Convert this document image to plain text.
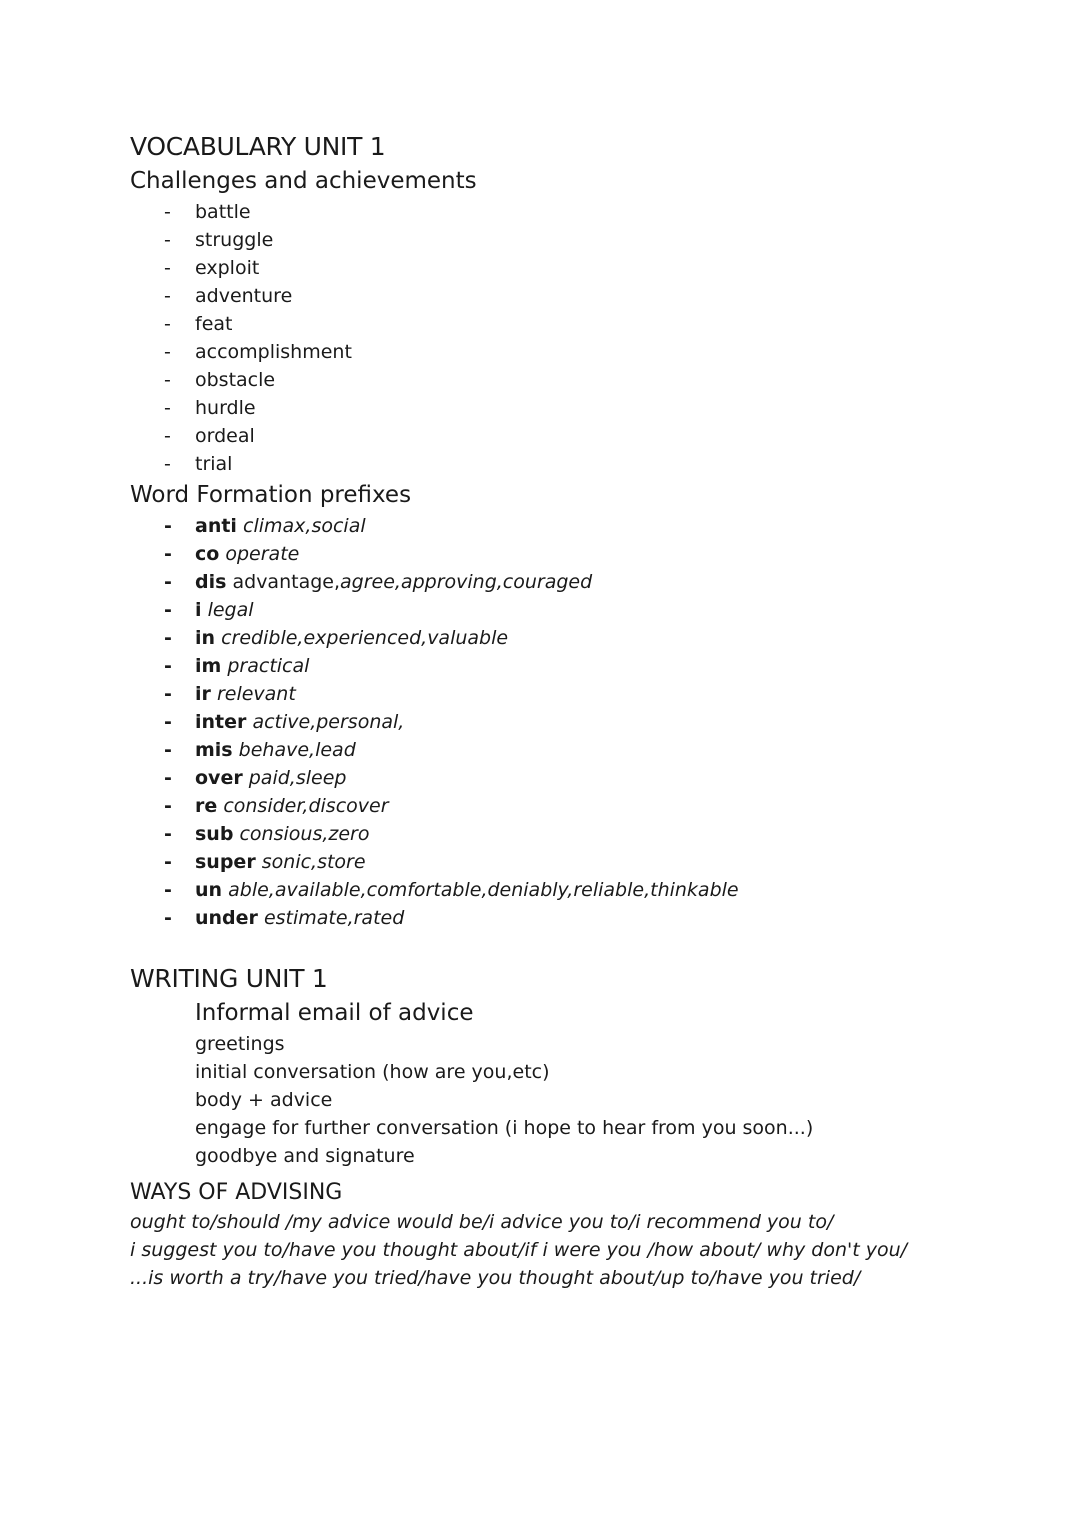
VOCABULARY UNIT 1
Challenges and achievements
- battle
- struggle
- exploit
- adventure
- feat
- accomplishment
- obstacle
- hurdle
- ordeal
- trial
Word Formation prefixes
- anti climax,social
- co operate
- dis advantage,agree,approving,couraged
- i legal
- in credible,experienced,valuable
- im practical
- ir relevant
- inter active,personal,
- mis behave,lead
- over paid,sleep
- re consider,discover
- sub consious,zero
- super sonic,store
- un able,available,comfortable,deniably,reliable,thinkable
- under estimate,rated
WRITING UNIT 1
Informal email of advice
greetings
initial conversation (how are you,etc)
body + advice
engage for further conversation (i hope to hear from you soon...)
goodbye and signature
WAYS OF ADVISING
ought to/should /my advice would be/i advice you to/i recommend you to/
i suggest you to/have you thought about/if i were you /how about/ why don't you/
...is worth a try/have you tried/have you thought about/up to/have you tried/
